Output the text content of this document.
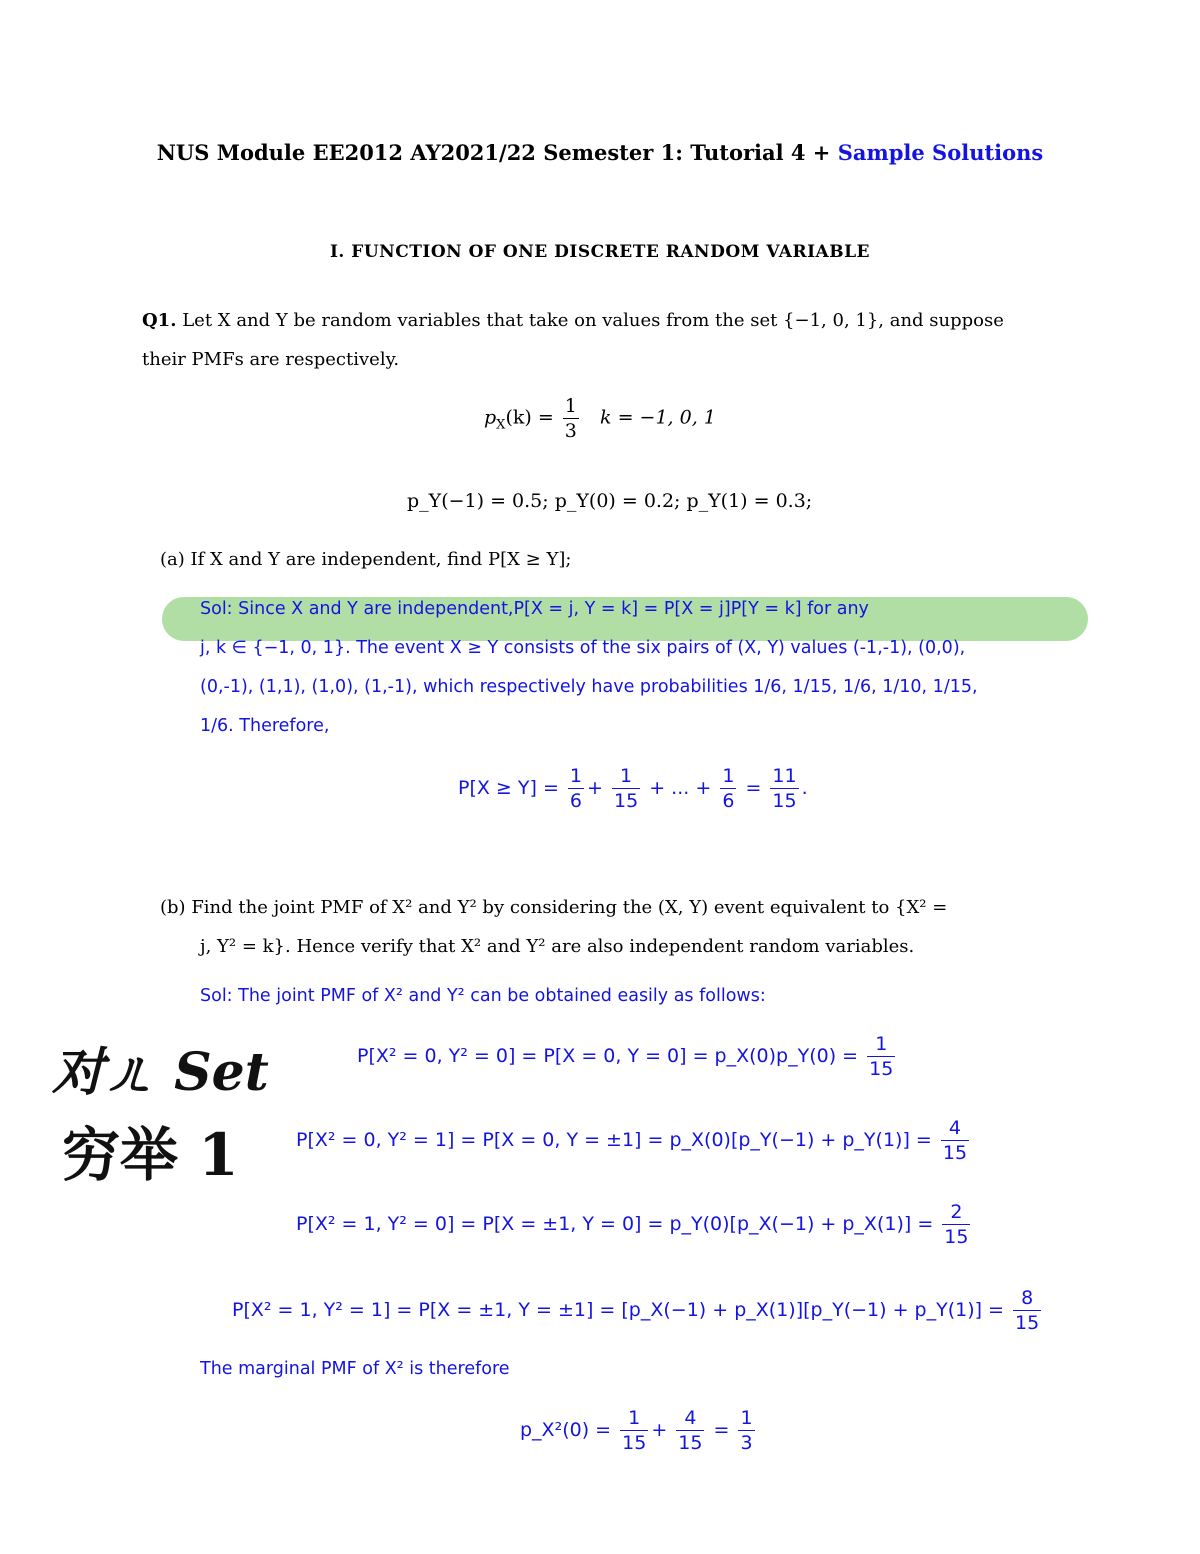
NUS Module EE2012 AY2021/22 Semester 1: Tutorial 4 + Sample Solutions
I. FUNCTION OF ONE DISCRETE RANDOM VARIABLE
Q1. Let X and Y be random variables that take on values from the set {−1, 0, 1}, and suppose
their PMFs are respectively.
$p_X(k) = \frac{1}{3}$ k = −1, 0, 1
p_Y(−1) = 0.5; p_Y(0) = 0.2; p_Y(1) = 0.3;
(a) If X and Y are independent, find P[X ≥ Y];
Sol: Since X and Y are independent,P[X = j, Y = k] = P[X = j]P[Y = k] for any
j, k ∈ {−1, 0, 1}. The event X ≥ Y consists of the six pairs of (X, Y) values (-1,-1), (0,0),
(0,-1), (1,1), (1,0), (1,-1), which respectively have probabilities 1/6, 1/15, 1/6, 1/10, 1/15,
1/6. Therefore,
$P[X \ge Y] = \frac{1}{6} + \frac{1}{15}$ + ... + $\frac{1}{6} = \frac{11}{15}$ .
(b) Find the joint PMF of X² and Y² by considering the (X, Y) event equivalent to {X² =
j, Y² = k}. Hence verify that X² and Y² are also independent random variables.
Sol: The joint PMF of X² and Y² can be obtained easily as follows:
P[X² = 0, Y² = 0] = P[X = 0, Y = 0] = p_X(0)p_Y(0) = $\frac{1}{15}$
P[X² = 0, Y² = 1] = P[X = 0, Y = ±1] = p_X(0)[p_Y(−1) + p_Y(1)] = $\frac{4}{15}$
P[X² = 1, Y² = 0] = P[X = ±1, Y = 0] = p_Y(0)[p_X(−1) + p_X(1)] = $\frac{2}{15}$
P[X² = 1, Y² = 1] = P[X = ±1, Y = ±1] = [p_X(−1) + p_X(1)][p_Y(−1) + p_Y(1)] = $\frac{8}{15}$
The marginal PMF of X² is therefore
p_X²(0) = $\frac{1}{15} + \frac{4}{15} = \frac{1}{3}$
对ㄦ Set
穷举 1
